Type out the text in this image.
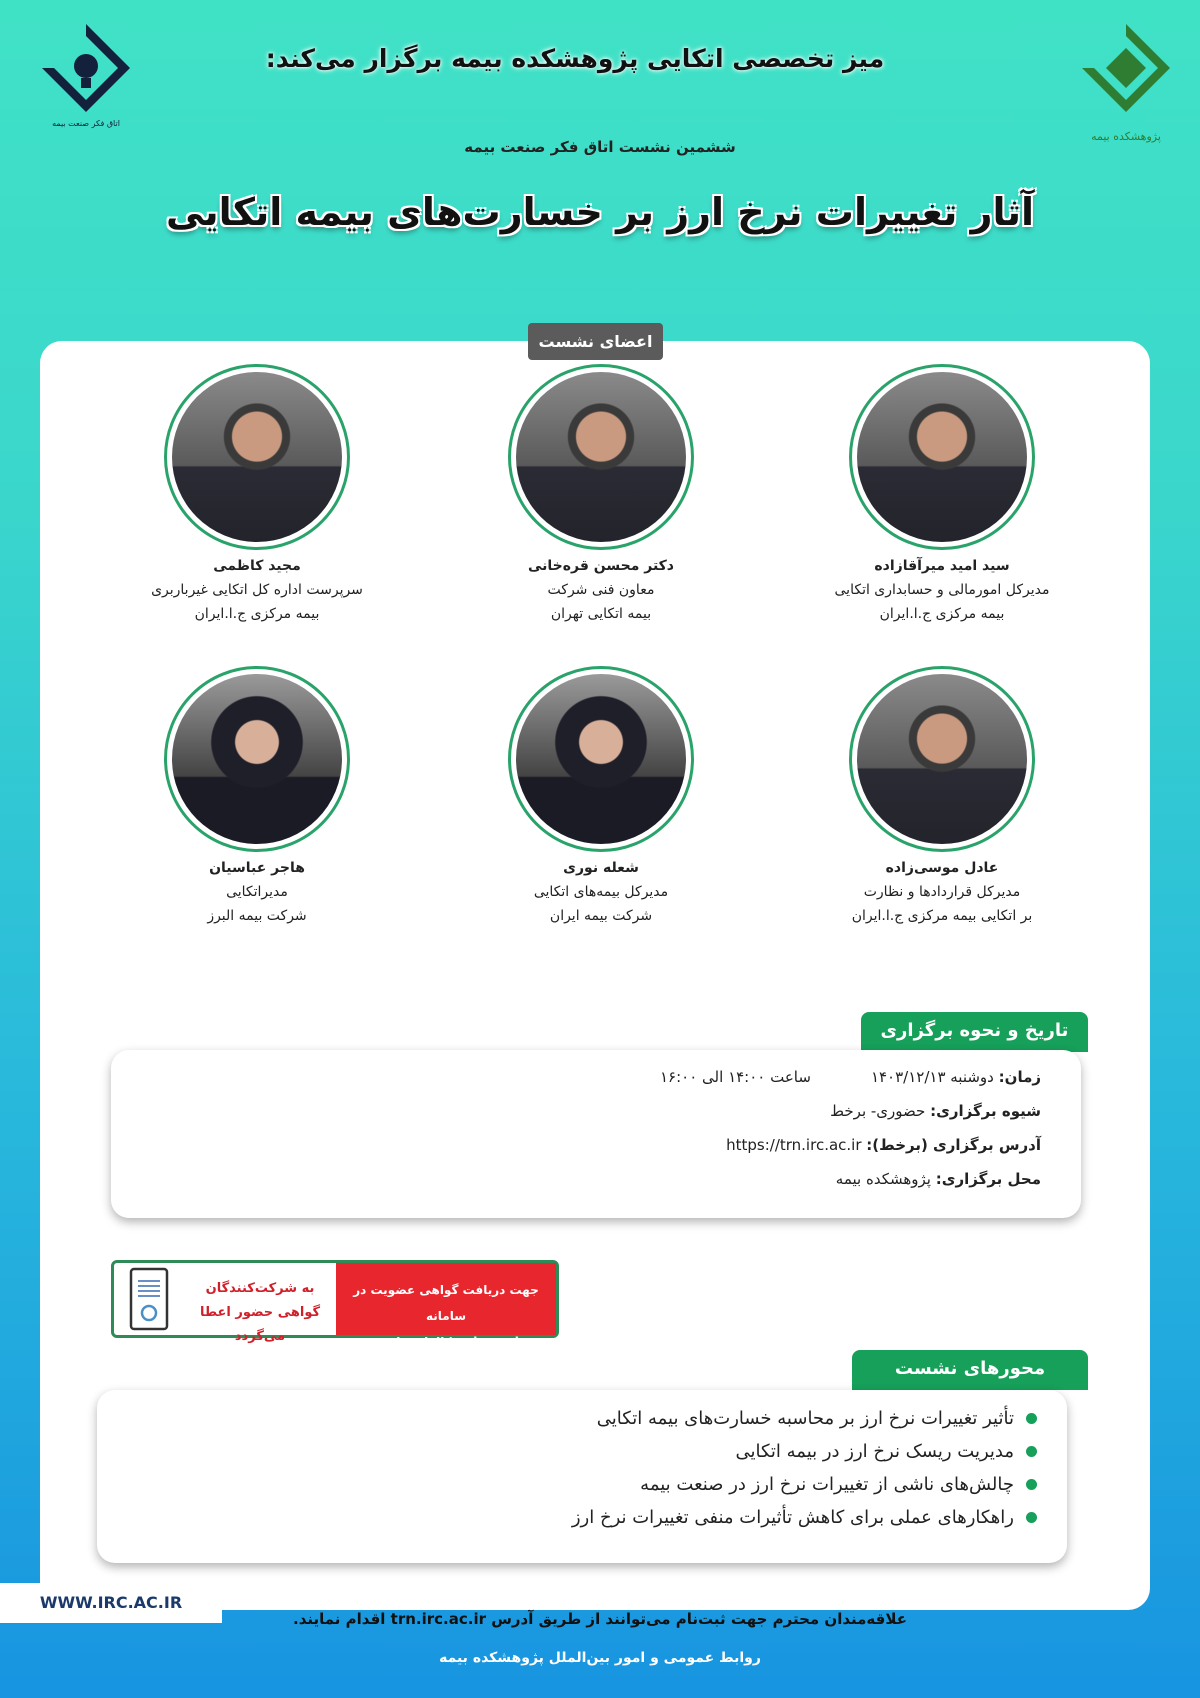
اتاق فکر صنعت بیمه
پژوهشکده بیمه
میز تخصصی اتکایی پژوهشکده بیمه برگزار می‌کند:
ششمین نشست اتاق فکر صنعت بیمه
آثار تغییرات نرخ ارز بر خسارت‌های بیمه اتکایی
اعضای نشست
سید امید میرآقازاده
مدیرکل امورمالی و حسابداری اتکایی
بیمه مرکزی ج.ا.ایران
دکتر محسن قره‌خانی
معاون فنی شرکت
بیمه اتکایی تهران
مجید کاظمی
سرپرست اداره کل اتکایی غیرباربری
بیمه مرکزی ج.ا.ایران
عادل موسی‌زاده
مدیرکل قراردادها و نظارت
بر اتکایی بیمه مرکزی ج.ا.ایران
شعله نوری
مدیرکل بیمه‌های اتکایی
شرکت بیمه ایران
هاجر عباسیان
مدیراتکایی
شرکت بیمه البرز
تاریخ و نحوه برگزاری
زمان: دوشنبه ۱۴۰۳/۱۲/۱۳ساعت ۱۴:۰۰ الی ۱۶:۰۰
شیوه برگزاری: حضوری- برخط
آدرس برگزاری (برخط): https://trn.irc.ac.ir
محل برگزاری: پژوهشکده بیمه
جهت دریافت گواهی عضویت در سامانه
trn.irc.ac.ir الزامی است.
به شرکت‌کنندگان
گواهی حضور اعطا می‌گردد
محورهای نشست
تأثیر تغییرات نرخ ارز بر محاسبه خسارت‌های بیمه اتکایی
مدیریت ریسک نرخ ارز در بیمه اتکایی
چالش‌های ناشی از تغییرات نرخ ارز در صنعت بیمه
راهکارهای عملی برای کاهش تأثیرات منفی تغییرات نرخ ارز
WWW.IRC.AC.IR
علاقه‌مندان محترم جهت ثبت‌نام می‌توانند از طریق آدرس trn.irc.ac.ir اقدام نمایند.
روابط عمومی و امور بین‌الملل پژوهشکده بیمه
